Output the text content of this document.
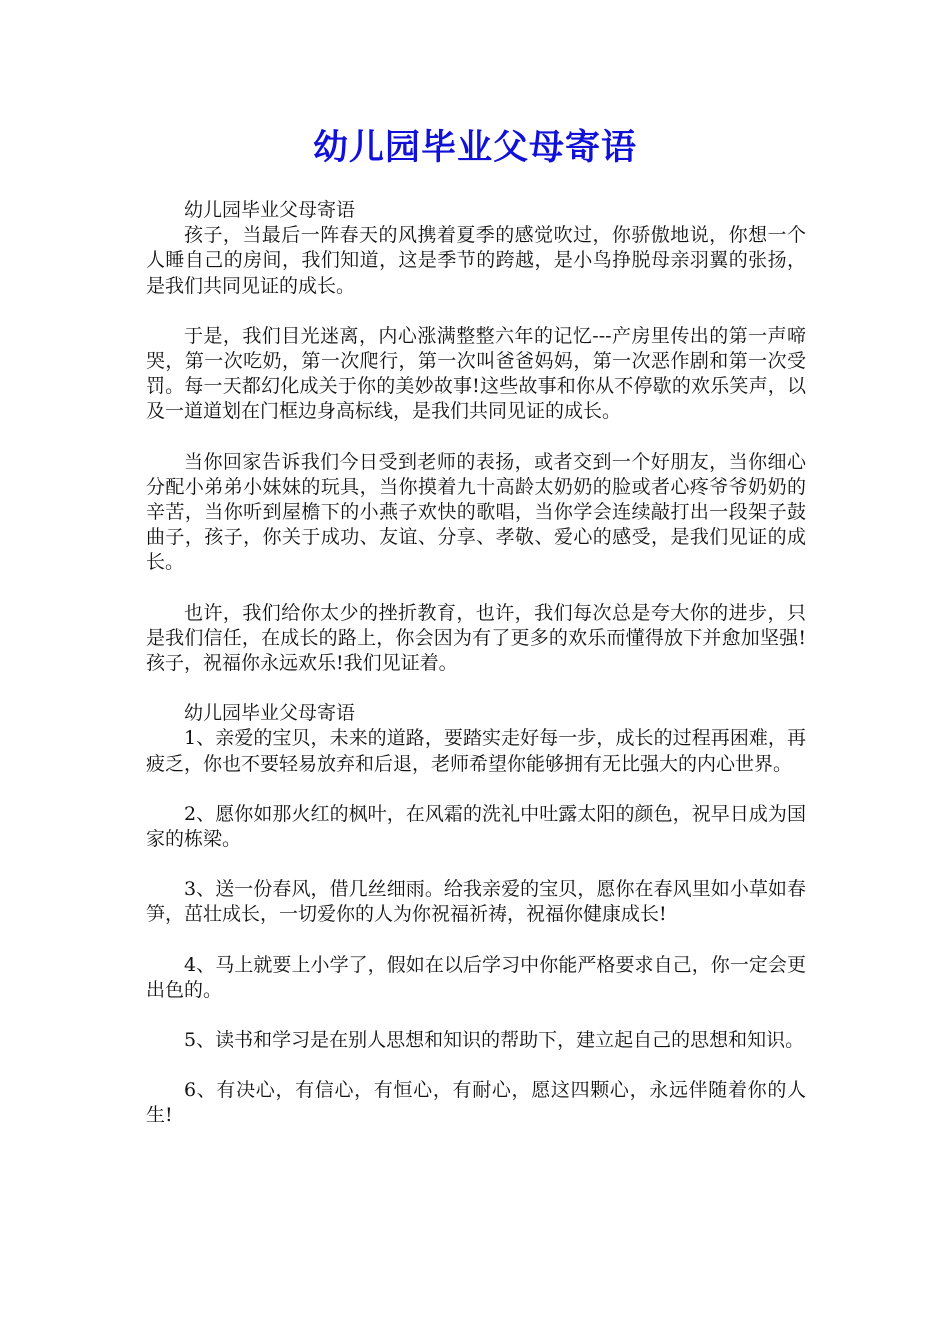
幼儿园毕业父母寄语

幼儿园毕业父母寄语

孩子，当最后一阵春天的风携着夏季的感觉吹过，你骄傲地说，你想一个人睡自己的房间，我们知道，这是季节的跨越，是小鸟挣脱母亲羽翼的张扬，是我们共同见证的成长。

于是，我们目光迷离，内心涨满整整六年的记忆---产房里传出的第一声啼哭，第一次吃奶，第一次爬行，第一次叫爸爸妈妈，第一次恶作剧和第一次受罚。每一天都幻化成关于你的美妙故事!这些故事和你从不停歇的欢乐笑声，以及一道道划在门框边身高标线，是我们共同见证的成长。

当你回家告诉我们今日受到老师的表扬，或者交到一个好朋友，当你细心分配小弟弟小妹妹的玩具，当你摸着九十高龄太奶奶的脸或者心疼爷爷奶奶的辛苦，当你听到屋檐下的小燕子欢快的歌唱，当你学会连续敲打出一段架子鼓曲子，孩子，你关于成功、友谊、分享、孝敬、爱心的感受，是我们见证的成长。

也许，我们给你太少的挫折教育，也许，我们每次总是夸大你的进步，只是我们信任，在成长的路上，你会因为有了更多的欢乐而懂得放下并愈加坚强!孩子，祝福你永远欢乐!我们见证着。

幼儿园毕业父母寄语

1、亲爱的宝贝，未来的道路，要踏实走好每一步，成长的过程再困难，再疲乏，你也不要轻易放弃和后退，老师希望你能够拥有无比强大的内心世界。

2、愿你如那火红的枫叶，在风霜的洗礼中吐露太阳的颜色，祝早日成为国家的栋梁。

3、送一份春风，借几丝细雨。给我亲爱的宝贝，愿你在春风里如小草如春笋，茁壮成长，一切爱你的人为你祝福祈祷，祝福你健康成长!

4、马上就要上小学了，假如在以后学习中你能严格要求自己，你一定会更出色的。

5、读书和学习是在别人思想和知识的帮助下，建立起自己的思想和知识。

6、有决心，有信心，有恒心，有耐心，愿这四颗心，永远伴随着你的人生!
